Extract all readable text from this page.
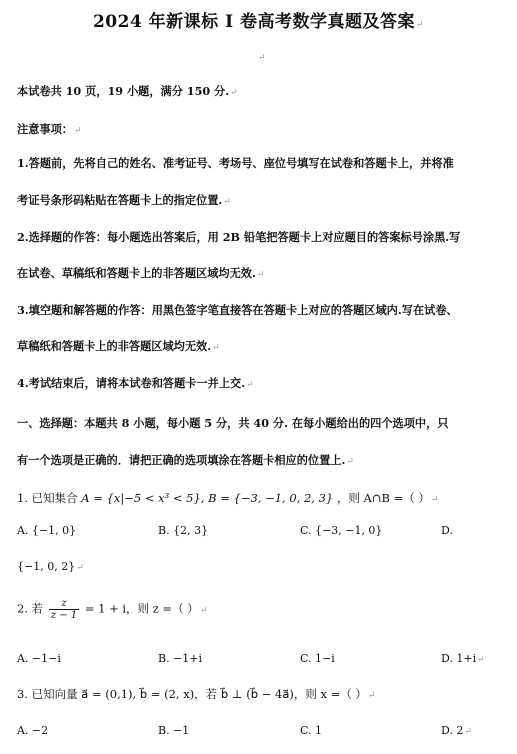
2024 年新课标 I 卷高考数学真题及答案↵
↵
本试卷共 10 页，19 小题，满分 150 分.↵
注意事项：↵
1.答题前，先将自己的姓名、准考证号、考场号、座位号填写在试卷和答题卡上，并将准
考证号条形码粘贴在答题卡上的指定位置.↵
2.选择题的作答：每小题选出答案后，用 2B 铅笔把答题卡上对应题目的答案标号涂黑.写
在试卷、草稿纸和答题卡上的非答题区域均无效.↵
3.填空题和解答题的作答：用黑色签字笔直接答在答题卡上对应的答题区域内.写在试卷、
草稿纸和答题卡上的非答题区域均无效.↵
4.考试结束后，请将本试卷和答题卡一并上交.↵
一、选择题：本题共 8 小题，每小题 5 分，共 40 分. 在每小题给出的四个选项中，只
有一个选项是正确的．请把正确的选项填涂在答题卡相应的位置上.↵
1. 已知集合 A = {x|−5 < x³ < 5}, B = {−3, −1, 0, 2, 3} ，则 A∩B =（ ）↵
A. {−1, 0}	B. {2, 3}	C. {−3, −1, 0}	D.
{−1, 0, 2}↵
2. 若 $\frac{z}{z - 1} = 1 + i$，则 z =（ ）↵
A. −1−i	B. −1+i	C. 1−i	D. 1+i↵
3. 已知向量 a⃗ = (0,1), b⃗ = (2, x)，若 b⃗ ⊥ (b⃗ − 4a⃗)，则 x =（ ）↵
A. −2	B. −1	C. 1	D. 2↵
